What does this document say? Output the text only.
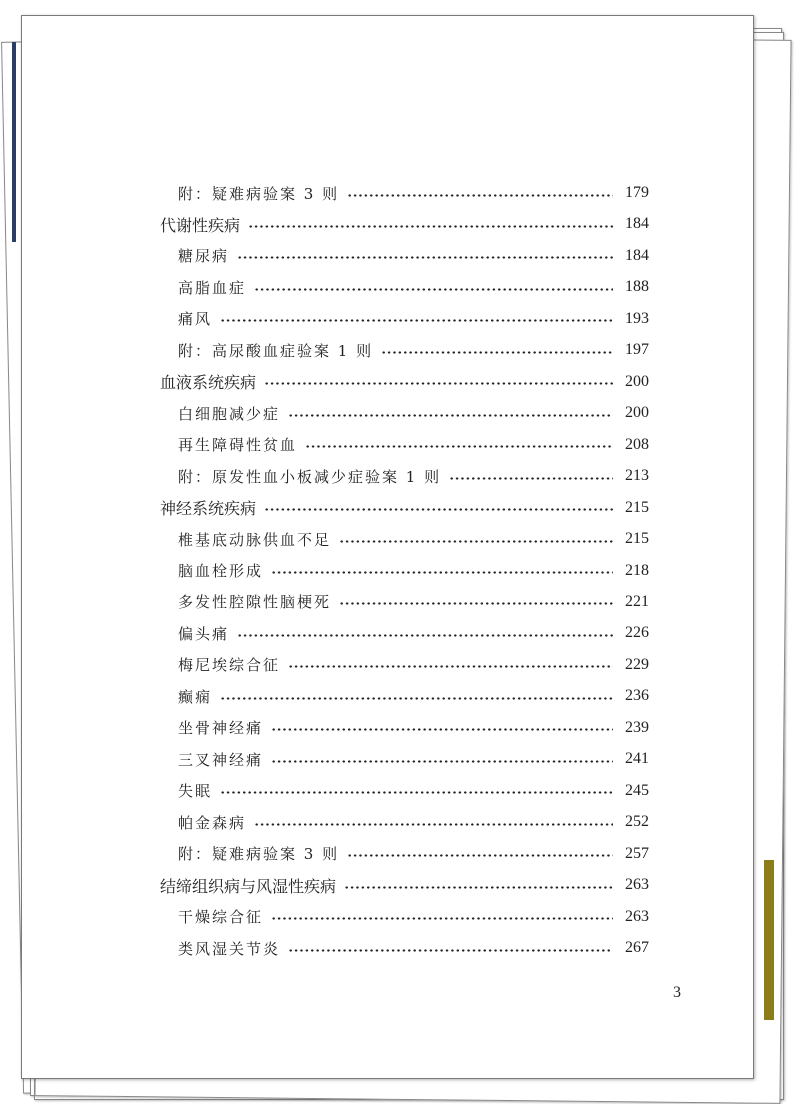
附：疑难病验案 3 则	179
代谢性疾病	184
糖尿病	184
高脂血症	188
痛风	193
附：高尿酸血症验案 1 则	197
血液系统疾病	200
白细胞减少症	200
再生障碍性贫血	208
附：原发性血小板减少症验案 1 则	213
神经系统疾病	215
椎基底动脉供血不足	215
脑血栓形成	218
多发性腔隙性脑梗死	221
偏头痛	226
梅尼埃综合征	229
癫痫	236
坐骨神经痛	239
三叉神经痛	241
失眠	245
帕金森病	252
附：疑难病验案 3 则	257
结缔组织病与风湿性疾病	263
干燥综合征	263
类风湿关节炎	267
3
